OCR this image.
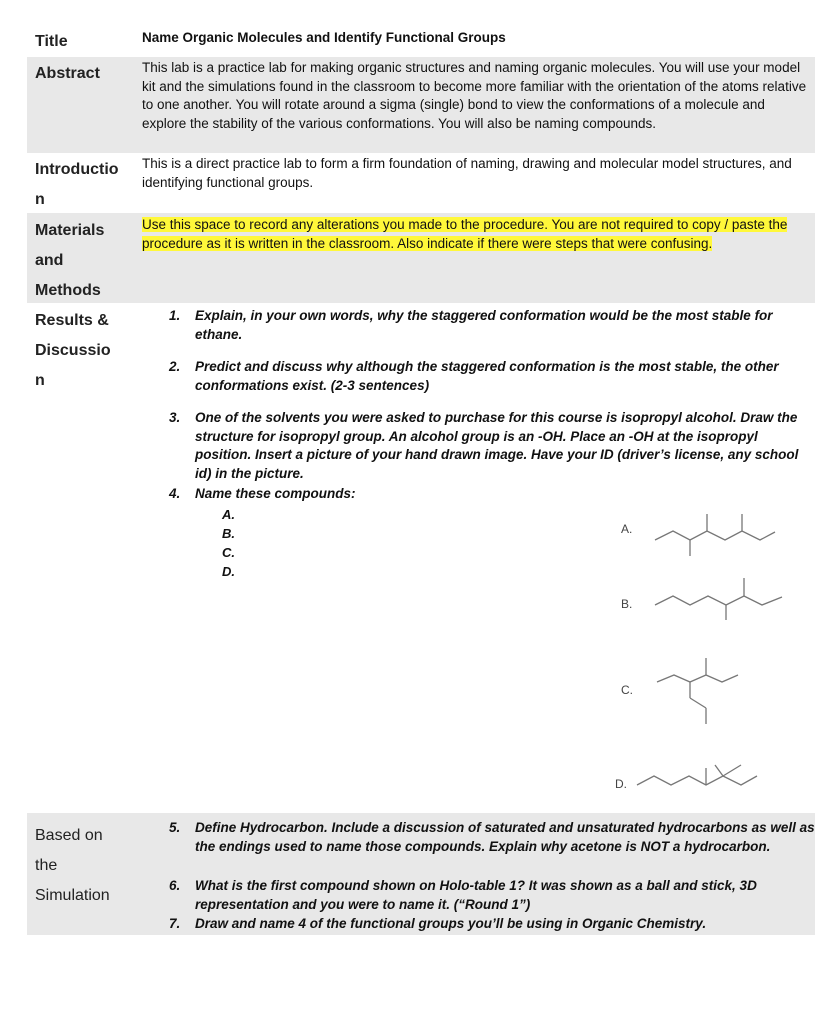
Title	Name Organic Molecules and Identify Functional Groups
Abstract	This lab is a practice lab for making organic structures and naming organic molecules. You will use your model kit and the simulations found in the classroom to become more familiar with the orientation of the atoms relative to one another. You will rotate around a sigma (single) bond to view the conformations of a molecule and explore the stability of the various conformations. You will also be naming compounds.
Introductio
n
This is a direct practice lab to form a firm foundation of naming, drawing and molecular model structures, and identifying functional groups.
Materials
and
Methods
Use this space to record any alterations you made to the procedure. You are not required to copy / paste the procedure as it is written in the classroom. Also indicate if there were steps that were confusing.
Results &
Discussio
n
1. Explain, in your own words, why the staggered conformation would be the most stable for ethane.
2. Predict and discuss why although the staggered conformation is the most stable, the other conformations exist. (2-3 sentences)
3. One of the solvents you were asked to purchase for this course is isopropyl alcohol. Draw the structure for isopropyl group. An alcohol group is an -OH. Place an -OH at the isopropyl position. Insert a picture of your hand drawn image. Have your ID (driver’s license, any school id) in the picture.
4. Name these compounds:
A.
B.
C.
D.
A.
B.
C.
D.
Based on
the
Simulation
5. Define Hydrocarbon. Include a discussion of saturated and unsaturated hydrocarbons as well as the endings used to name those compounds. Explain why acetone is NOT a hydrocarbon.
6. What is the first compound shown on Holo-table 1? It was shown as a ball and stick, 3D representation and you were to name it. (“Round 1”)
7. Draw and name 4 of the functional groups you’ll be using in Organic Chemistry.
